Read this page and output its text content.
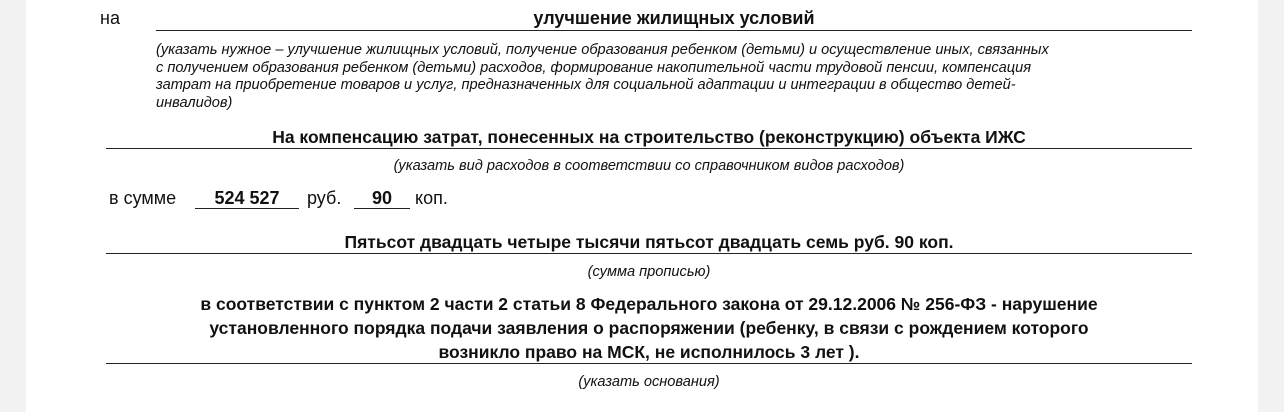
на	улучшение жилищных условий
(указать нужное – улучшение жилищных условий, получение образования ребенком (детьми) и осуществление иных, связанных
с получением образования ребенком (детьми) расходов, формирование накопительной части трудовой пенсии, компенсация
затрат на приобретение товаров и услуг, предназначенных для социальной адаптации и интеграции в общество детей-
инвалидов)
На компенсацию затрат, понесенных на строительство (реконструкцию) объекта ИЖС
(указать вид расходов в соответствии со справочником видов расходов)
в сумме	524 527	руб.	90	коп.
Пятьсот двадцать четыре тысячи пятьсот двадцать семь руб. 90 коп.
(сумма прописью)
в соответствии с пунктом 2 части 2 статьи 8 Федерального закона от 29.12.2006 № 256-ФЗ - нарушение
установленного порядка подачи заявления о распоряжении (ребенку, в связи с рождением которого
возникло право на МСК, не исполнилось 3 лет ).
(указать основания)
